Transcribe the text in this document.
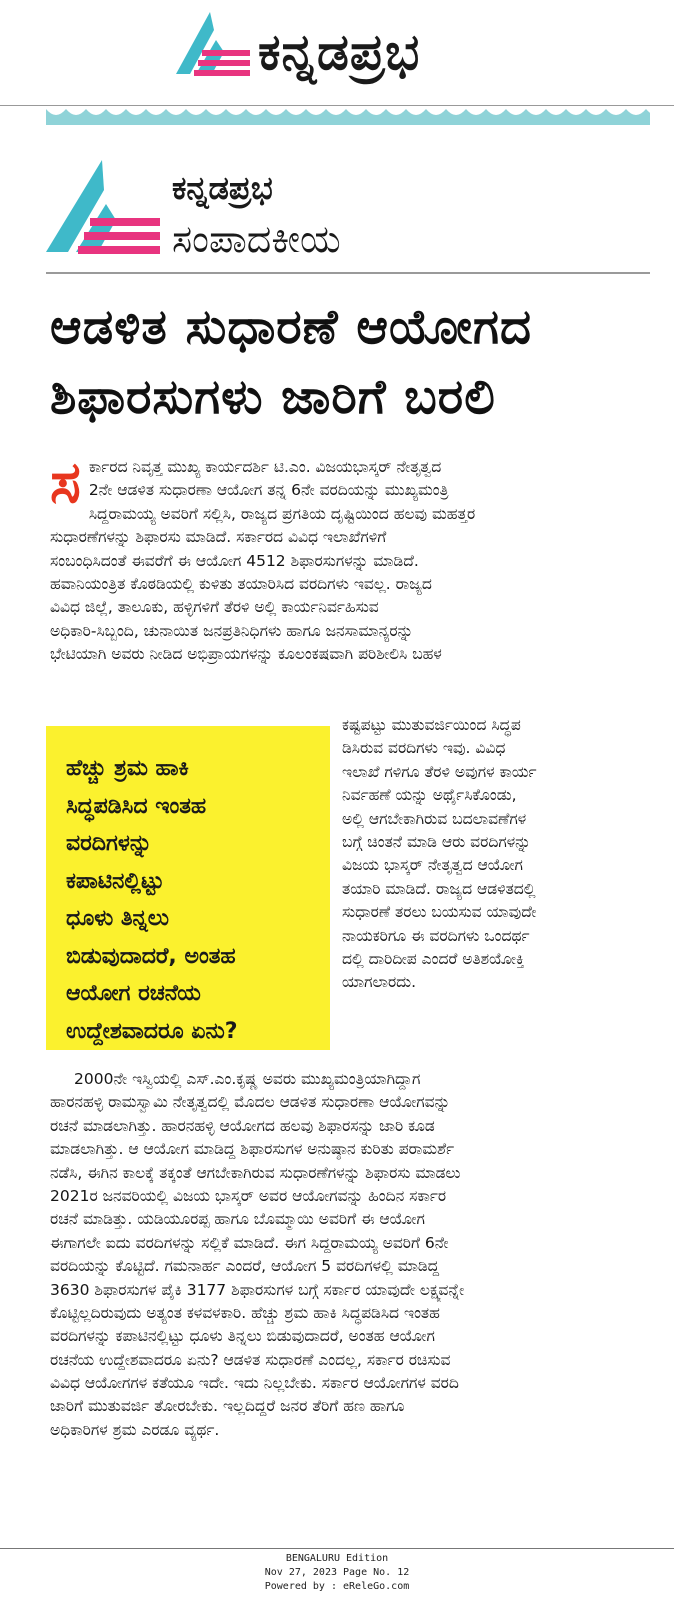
ಕನ್ನಡಪ್ರಭ
ಕನ್ನಡಪ್ರಭ
ಸಂಪಾದಕೀಯ
ಆಡಳಿತ ಸುಧಾರಣೆ ಆಯೋಗದ
ಶಿಫಾರಸುಗಳು ಜಾರಿಗೆ ಬರಲಿ
ಸ ರ್ಕಾರದ ನಿವೃತ್ತ ಮುಖ್ಯ ಕಾರ್ಯದರ್ಶಿ ಟಿ.ಎಂ. ವಿಜಯಭಾಸ್ಕರ್ ನೇತೃತ್ವದ
2ನೇ ಆಡಳಿತ ಸುಧಾರಣಾ ಆಯೋಗ ತನ್ನ 6ನೇ ವರದಿಯನ್ನು ಮುಖ್ಯಮಂತ್ರಿ
ಸಿದ್ದರಾಮಯ್ಯ ಅವರಿಗೆ ಸಲ್ಲಿಸಿ, ರಾಜ್ಯದ ಪ್ರಗತಿಯ ದೃಷ್ಟಿಯಿಂದ ಹಲವು ಮಹತ್ತರ
ಸುಧಾರಣೆಗಳನ್ನು ಶಿಫಾರಸು ಮಾಡಿದೆ. ಸರ್ಕಾರದ ವಿವಿಧ ಇಲಾಖೆಗಳಿಗೆ
ಸಂಬಂಧಿಸಿದಂತೆ ಈವರೆಗೆ ಈ ಆಯೋಗ 4512 ಶಿಫಾರಸುಗಳನ್ನು ಮಾಡಿದೆ.
ಹವಾನಿಯಂತ್ರಿತ ಕೊಠಡಿಯಲ್ಲಿ ಕುಳಿತು ತಯಾರಿಸಿದ ವರದಿಗಳು ಇವಲ್ಲ. ರಾಜ್ಯದ
ವಿವಿಧ ಜಿಲ್ಲೆ, ತಾಲೂಕು, ಹಳ್ಳಿಗಳಿಗೆ ತೆರಳಿ ಅಲ್ಲಿ ಕಾರ್ಯನಿರ್ವಹಿಸುವ
ಅಧಿಕಾರಿ-ಸಿಬ್ಬಂದಿ, ಚುನಾಯಿತ ಜನಪ್ರತಿನಿಧಿಗಳು ಹಾಗೂ ಜನಸಾಮಾನ್ಯರನ್ನು
ಭೇಟಿಯಾಗಿ ಅವರು ನೀಡಿದ ಅಭಿಪ್ರಾಯಗಳನ್ನು ಕೂಲಂಕಷವಾಗಿ ಪರಿಶೀಲಿಸಿ ಬಹಳ
ಕಷ್ಟಪಟ್ಟು ಮುತುವರ್ಜಿಯಿಂದ ಸಿದ್ಧಪ
ಡಿಸಿರುವ ವರದಿಗಳು ಇವು. ವಿವಿಧ
ಇಲಾಖೆ ಗಳಿಗೂ ತೆರಳಿ ಅವುಗಳ ಕಾರ್ಯ
ನಿರ್ವಹಣೆ ಯನ್ನು ಅರ್ಥೈಸಿಕೊಂಡು,
ಅಲ್ಲಿ ಆಗಬೇಕಾಗಿರುವ ಬದಲಾವಣೆಗಳ
ಬಗ್ಗೆ ಚಿಂತನೆ ಮಾಡಿ ಆರು ವರದಿಗಳನ್ನು
ವಿಜಯ ಭಾಸ್ಕರ್ ನೇತೃತ್ವದ ಆಯೋಗ
ತಯಾರಿ ಮಾಡಿದೆ. ರಾಜ್ಯದ ಆಡಳಿತದಲ್ಲಿ
ಸುಧಾರಣೆ ತರಲು ಬಯಸುವ ಯಾವುದೇ
ನಾಯಕರಿಗೂ ಈ ವರದಿಗಳು ಒಂದರ್ಥ
ದಲ್ಲಿ ದಾರಿದೀಪ ಎಂದರೆ ಅತಿಶಯೋಕ್ತಿ
ಯಾಗಲಾರದು.
ಹೆಚ್ಚು ಶ್ರಮ ಹಾಕಿ
ಸಿದ್ಧಪಡಿಸಿದ ಇಂತಹ
ವರದಿಗಳನ್ನು
ಕಪಾಟಿನಲ್ಲಿಟ್ಟು
ಧೂಳು ತಿನ್ನಲು
ಬಿಡುವುದಾದರೆ, ಅಂತಹ
ಆಯೋಗ ರಚನೆಯ
ಉದ್ದೇಶವಾದರೂ ಏನು?
2000ನೇ ಇಸ್ವಿಯಲ್ಲಿ ಎಸ್.ಎಂ.ಕೃಷ್ಣ ಅವರು ಮುಖ್ಯಮಂತ್ರಿಯಾಗಿದ್ದಾಗ
ಹಾರನಹಳ್ಳಿ ರಾಮಸ್ವಾಮಿ ನೇತೃತ್ವದಲ್ಲಿ ಮೊದಲ ಆಡಳಿತ ಸುಧಾರಣಾ ಆಯೋಗವನ್ನು
ರಚನೆ ಮಾಡಲಾಗಿತ್ತು. ಹಾರನಹಳ್ಳಿ ಆಯೋಗದ ಹಲವು ಶಿಫಾರಸನ್ನು ಜಾರಿ ಕೂಡ
ಮಾಡಲಾಗಿತ್ತು. ಆ ಆಯೋಗ ಮಾಡಿದ್ದ ಶಿಫಾರಸುಗಳ ಅನುಷ್ಠಾನ ಕುರಿತು ಪರಾಮರ್ಶೆ
ನಡೆಸಿ, ಈಗಿನ ಕಾಲಕ್ಕೆ ತಕ್ಕಂತೆ ಆಗಬೇಕಾಗಿರುವ ಸುಧಾರಣೆಗಳನ್ನು ಶಿಫಾರಸು ಮಾಡಲು
2021ರ ಜನವರಿಯಲ್ಲಿ ವಿಜಯ ಭಾಸ್ಕರ್ ಅವರ ಆಯೋಗವನ್ನು ಹಿಂದಿನ ಸರ್ಕಾರ
ರಚನೆ ಮಾಡಿತ್ತು. ಯಡಿಯೂರಪ್ಪ ಹಾಗೂ ಬೊಮ್ಮಾಯಿ ಅವರಿಗೆ ಈ ಆಯೋಗ
ಈಗಾಗಲೇ ಐದು ವರದಿಗಳನ್ನು ಸಲ್ಲಿಕೆ ಮಾಡಿದೆ. ಈಗ ಸಿದ್ದರಾಮಯ್ಯ ಅವರಿಗೆ 6ನೇ
ವರದಿಯನ್ನು ಕೊಟ್ಟಿದೆ. ಗಮನಾರ್ಹ ಎಂದರೆ, ಆಯೋಗ 5 ವರದಿಗಳಲ್ಲಿ ಮಾಡಿದ್ದ
3630 ಶಿಫಾರಸುಗಳ ಪೈಕಿ 3177 ಶಿಫಾರಸುಗಳ ಬಗ್ಗೆ ಸರ್ಕಾರ ಯಾವುದೇ ಲಕ್ಷ್ಯವನ್ನೇ
ಕೊಟ್ಟಿಲ್ಲದಿರುವುದು ಅತ್ಯಂತ ಕಳವಳಕಾರಿ. ಹೆಚ್ಚು ಶ್ರಮ ಹಾಕಿ ಸಿದ್ಧಪಡಿಸಿದ ಇಂತಹ
ವರದಿಗಳನ್ನು ಕಪಾಟಿನಲ್ಲಿಟ್ಟು ಧೂಳು ತಿನ್ನಲು ಬಿಡುವುದಾದರೆ, ಅಂತಹ ಆಯೋಗ
ರಚನೆಯ ಉದ್ದೇಶವಾದರೂ ಏನು? ಆಡಳಿತ ಸುಧಾರಣೆ ಎಂದಲ್ಲ, ಸರ್ಕಾರ ರಚಿಸುವ
ವಿವಿಧ ಆಯೋಗಗಳ ಕತೆಯೂ ಇದೇ. ಇದು ನಿಲ್ಲಬೇಕು. ಸರ್ಕಾರ ಆಯೋಗಗಳ ವರದಿ
ಜಾರಿಗೆ ಮುತುವರ್ಜಿ ತೋರಬೇಕು. ಇಲ್ಲದಿದ್ದರೆ ಜನರ ತೆರಿಗೆ ಹಣ ಹಾಗೂ
ಅಧಿಕಾರಿಗಳ ಶ್ರಮ ಎರಡೂ ವ್ಯರ್ಥ.
BENGALURU Edition
Nov 27, 2023 Page No. 12
Powered by : eReleGo.com
